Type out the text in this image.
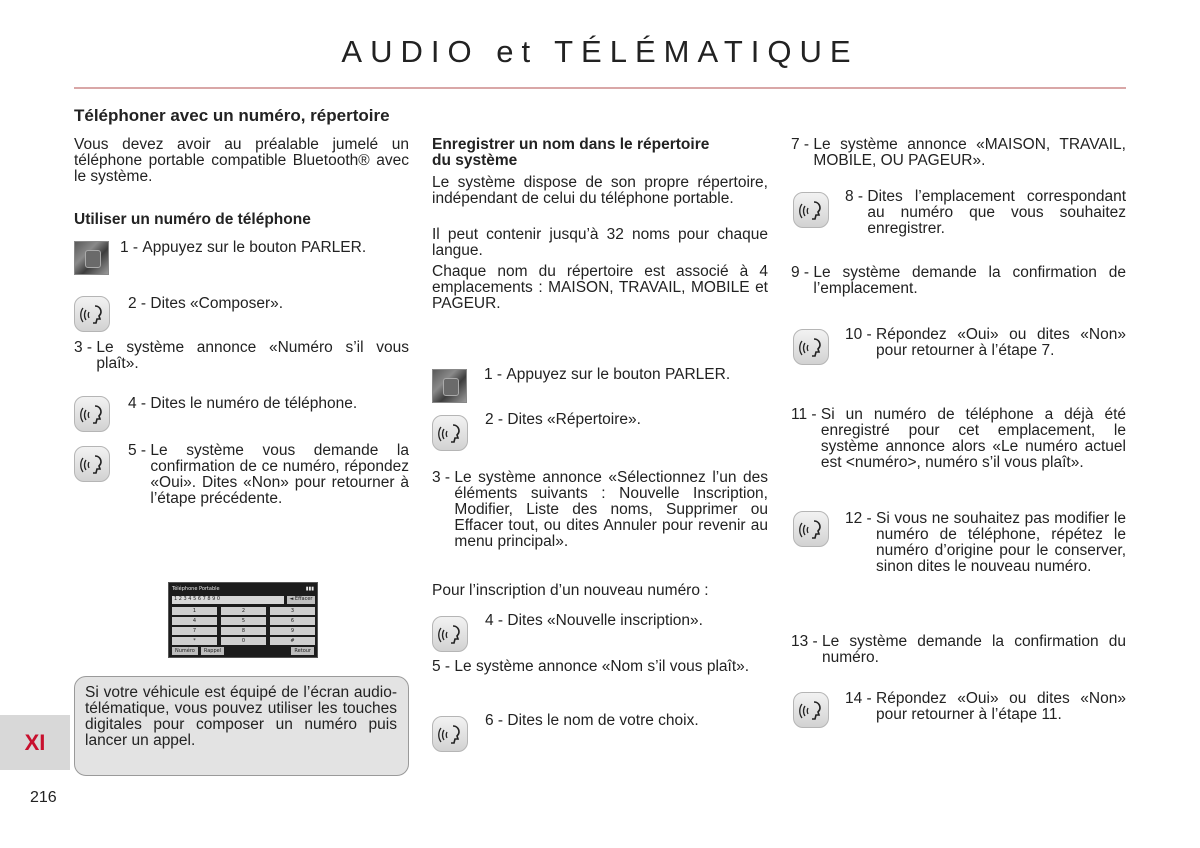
AUDIO et TÉLÉMATIQUE
Téléphoner avec un numéro, répertoire

Vous devez avoir au préalable jumelé un téléphone portable compatible Bluetooth® avec le système.

Utiliser un numéro de téléphone
1 - Appuyez sur le bouton PARLER.
2 - Dites «Composer».
3 - Le système annonce «Numéro s’il vous plaît».
4 - Dites le numéro de téléphone.
5 - Le système vous demande la confirmation de ce numéro, répondez «Oui». Dites «Non» pour retourner à l’étape précédente.
Téléphone Portable	▮▮▮
1 2 3 4 5 6 7 8 9 0	◄ Effacer
1	2	3
4	5	6
7	8	9
*	0	#
Numéro	Rappel	Retour
Si votre véhicule est équipé de l’écran audio-télématique, vous pouvez utiliser les touches digitales pour composer un numéro puis lancer un appel.
Enregistrer un nom dans le répertoire du système

Le système dispose de son propre répertoire, indépendant de celui du téléphone portable.

Il peut contenir jusqu’à 32 noms pour chaque langue.

Chaque nom du répertoire est associé à 4 emplacements : MAISON, TRAVAIL, MOBILE et PAGEUR.

1 - Appuyez sur le bouton PARLER.
2 - Dites «Répertoire».
3 - Le système annonce «Sélectionnez l’un des éléments suivants : Nouvelle Inscription, Modifier, Liste des noms, Supprimer ou Effacer tout, ou dites Annuler pour revenir au menu principal».

Pour l’inscription d’un nouveau numéro :

4 - Dites «Nouvelle inscription».
5 - Le système annonce «Nom s’il vous plaît».
6 - Dites le nom de votre choix.
7 - Le système annonce «MAISON, TRAVAIL, MOBILE, OU PAGEUR».
8 - Dites l’emplacement correspondant au numéro que vous souhaitez enregistrer.
9 - Le système demande la confirmation de l’emplacement.
10 - Répondez «Oui» ou dites «Non» pour retourner à l’étape 7.
11 - Si un numéro de téléphone a déjà été enregistré pour cet emplacement, le système annonce alors «Le numéro actuel est <numéro>, numéro s’il vous plaît».
12 - Si vous ne souhaitez pas modifier le numéro de téléphone, répétez le numéro d’origine pour le conserver, sinon dites le nouveau numéro.
13 - Le système demande la confirmation du numéro.
14 - Répondez «Oui» ou dites «Non» pour retourner à l’étape 11.
XI
216
